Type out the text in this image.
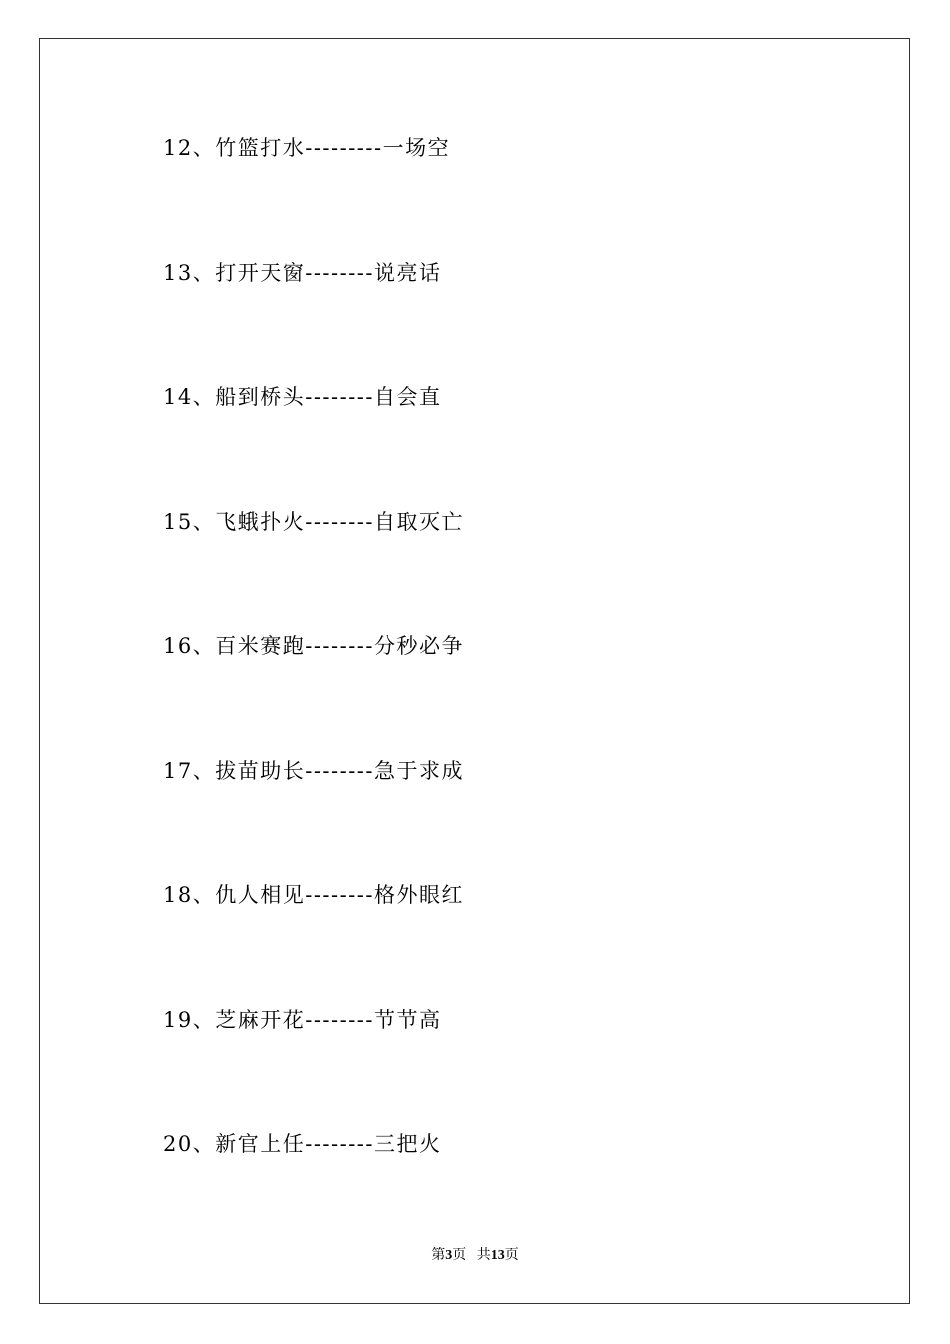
12、竹篮打水---------一场空
13、打开天窗--------说亮话
14、船到桥头--------自会直
15、飞蛾扑火--------自取灭亡
16、百米赛跑--------分秒必争
17、拔苗助长--------急于求成
18、仇人相见--------格外眼红
19、芝麻开花--------节节高
20、新官上任--------三把火
第3页 共13页
